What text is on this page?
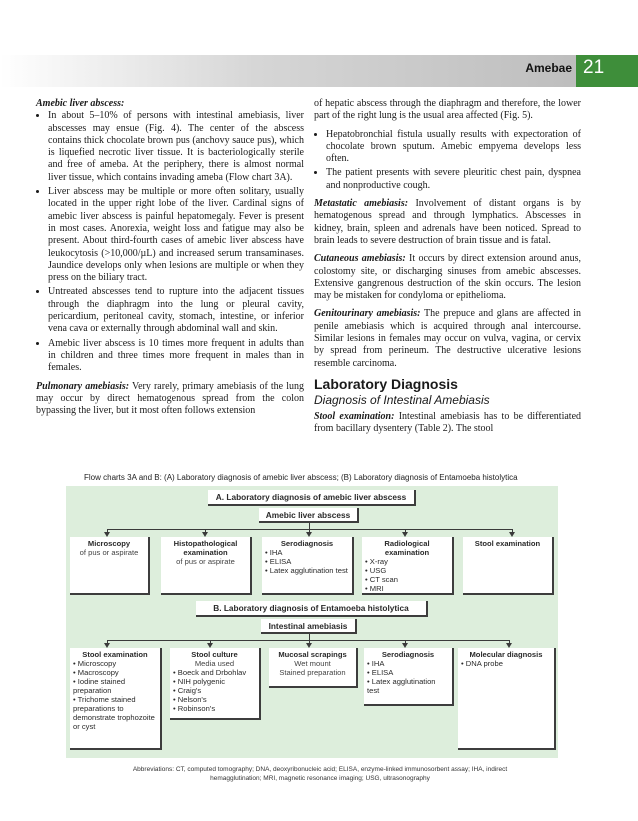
Amebae 21
Amebic liver abscess:
• In about 5–10% of persons with intestinal amebiasis, liver abscesses may ensue (Fig. 4). The center of the abscess contains thick chocolate brown pus (anchovy sauce pus), which is liquefied necrotic liver tissue. It is bacteriologically sterile and free of ameba. At the periphery, there is almost normal liver tissue, which contains invading ameba (Flow chart 3A).
• Liver abscess may be multiple or more often solitary, usually located in the upper right lobe of the liver. Cardinal signs of amebic liver abscess is painful hepatomegaly. Fever is present in most cases. Anorexia, weight loss and fatigue may also be present. About third-fourth cases of amebic liver abscess have leukocytosis (>10,000/µL) and increased serum transaminases. Jaundice develops only when lesions are multiple or when they press on the biliary tract.
• Untreated abscesses tend to rupture into the adjacent tissues through the diaphragm into the lung or pleural cavity, pericardium, peritoneal cavity, stomach, intestine, or inferior vena cava or externally through abdominal wall and skin.
• Amebic liver abscess is 10 times more frequent in adults than in children and three times more frequent in males than in females.

Pulmonary amebiasis: Very rarely, primary amebiasis of the lung may occur by direct hematogenous spread from the colon bypassing the liver, but it most often follows extension

of hepatic abscess through the diaphragm and therefore, the lower part of the right lung is the usual area affected (Fig. 5).

• Hepatobronchial fistula usually results with expectoration of chocolate brown sputum. Amebic empyema develops less often.
• The patient presents with severe pleuritic chest pain, dyspnea and nonproductive cough.

Metastatic amebiasis: Involvement of distant organs is by hematogenous spread and through lymphatics. Abscesses in kidney, brain, spleen and adrenals have been noticed. Spread to brain leads to severe destruction of brain tissue and is fatal.

Cutaneous amebiasis: It occurs by direct extension around anus, colostomy site, or discharging sinuses from amebic abscesses. Extensive gangrenous destruction of the skin occurs. The lesion may be mistaken for condyloma or epithelioma.

Genitourinary amebiasis: The prepuce and glans are affected in penile amebiasis which is acquired through anal intercourse. Similar lesions in females may occur on vulva, vagina, or cervix by spread from perineum. The destructive ulcerative lesions resemble carcinoma.

Laboratory Diagnosis
Diagnosis of Intestinal Amebiasis

Stool examination: Intestinal amebiasis has to be differentiated from bacillary dysentery (Table 2). The stool

Flow charts 3A and B: (A) Laboratory diagnosis of amebic liver abscess; (B) Laboratory diagnosis of Entamoeba histolytica
A. Laboratory diagnosis of amebic liver abscess
Amebic liver abscess
Microscopy
of pus or aspirate
Histopathological examination
of pus or aspirate
Serodiagnosis
• IHA
• ELISA
• Latex agglutination test
Radiological examination
• X-ray
• USG
• CT scan
• MRI
Stool examination
B. Laboratory diagnosis of Entamoeba histolytica
Intestinal amebiasis
Stool examination
• Microscopy
• Macroscopy
• Iodine stained preparation
• Trichome stained preparations to demonstrate trophozoite or cyst
Stool culture
Media used
• Boeck and Drbohlav
• NIH polygenic
• Craig's
• Nelson's
• Robinson's
Mucosal scrapings
Wet mount
Stained preparation
Serodiagnosis
• IHA
• ELISA
• Latex agglutination test
Molecular diagnosis
• DNA probe
Abbreviations: CT, computed tomography; DNA, deoxyribonucleic acid; ELISA, enzyme-linked immunosorbent assay; IHA, indirect hemagglutination; MRI, magnetic resonance imaging; USG, ultrasonography
